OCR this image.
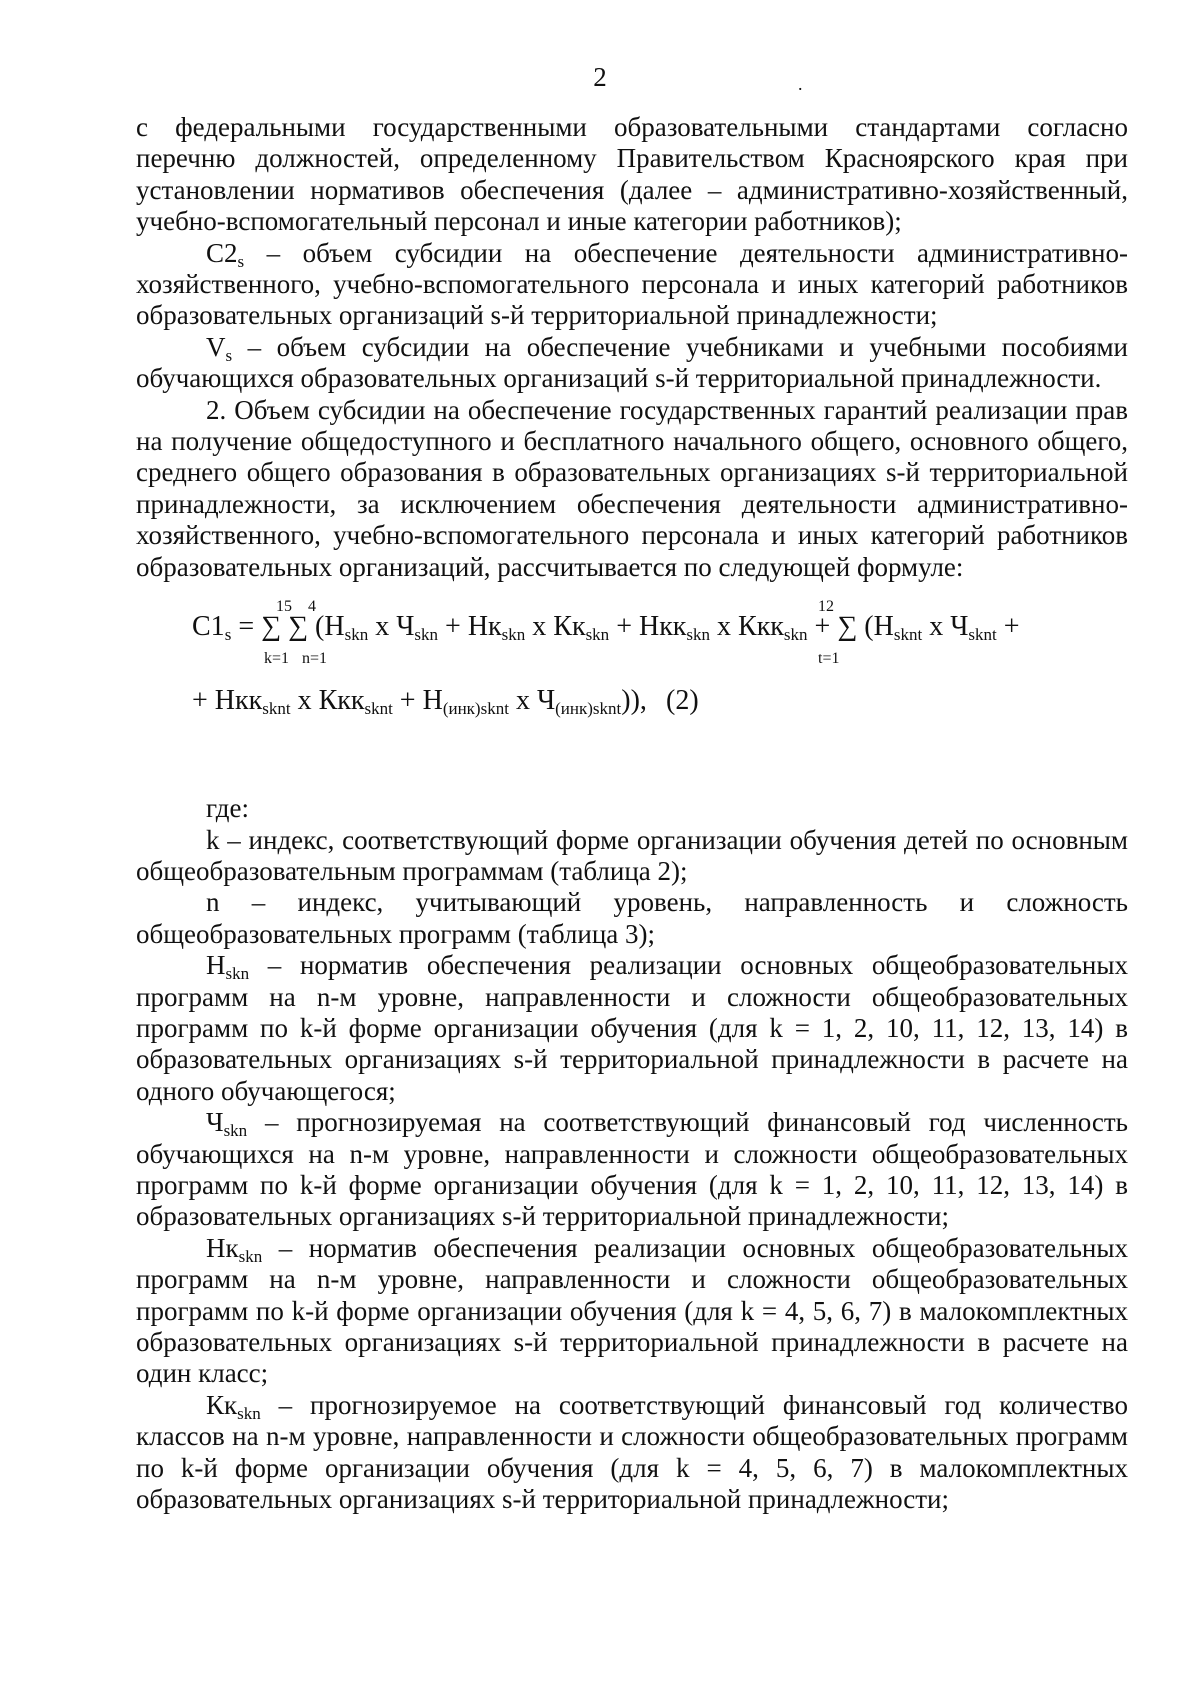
2	.

с федеральными государственными образовательными стандартами согласно перечню должностей, определенному Правительством Красноярского края при установлении нормативов обеспечения (далее – административно-хозяйственный, учебно-вспомогательный персонал и иные категории работников);

$C2_s$ – объем субсидии на обеспечение деятельности административно-хозяйственного, учебно-вспомогательного персонала и иных категорий работников образовательных организаций s-й территориальной принадлежности;

$V_s$ – объем субсидии на обеспечение учебниками и учебными пособиями обучающихся образовательных организаций s-й территориальной принадлежности.

2. Объем субсидии на обеспечение государственных гарантий реализации прав на получение общедоступного и бесплатного начального общего, основного общего, среднего общего образования в образовательных организациях s-й территориальной принадлежности, за исключением обеспечения деятельности административно-хозяйственного, учебно-вспомогательного персонала и иных категорий работников образовательных организаций, рассчитывается по следующей формуле:

15 4	12
$C1_s$ = ∑ ∑ ($H_{skn}$ x $Ч_{skn} + Hк_{skn}$ x $Кк_{skn} + Hкк_{skn}$ x Ккк$_{skn}$ + ∑ ($H_{sknt}$ x $Ч_{sknt}$ +
k=1 n=1	t=1
+ Hкк$_{sknt}$ x $Ккк_{sknt} + H_{(инк)sknt}$ x $Ч_{(инк)sknt}$)), (2)

где:

k – индекс, соответствующий форме организации обучения детей по основным общеобразовательным программам (таблица 2);

n – индекс, учитывающий уровень, направленность и сложность общеобразовательных программ (таблица 3);

$H_{skn}$ – норматив обеспечения реализации основных общеобразовательных программ на n-м уровне, направленности и сложности общеобразовательных программ по k-й форме организации обучения (для k = 1, 2, 10, 11, 12, 13, 14) в образовательных организациях s-й территориальной принадлежности в расчете на одного обучающегося;

$Ч_{skn}$ – прогнозируемая на соответствующий финансовый год численность обучающихся на n-м уровне, направленности и сложности общеобразовательных программ по k-й форме организации обучения (для k = 1, 2, 10, 11, 12, 13, 14) в образовательных организациях s-й территориальной принадлежности;

$Hк_{skn}$ – норматив обеспечения реализации основных общеобразовательных программ на n-м уровне, направленности и сложности общеобразовательных программ по k-й форме организации обучения (для k = 4, 5, 6, 7) в малокомплектных образовательных организациях s-й территориальной принадлежности в расчете на один класс;

$Кк_{skn}$ – прогнозируемое на соответствующий финансовый год количество классов на n-м уровне, направленности и сложности общеобразовательных программ по k-й форме организации обучения (для k = 4, 5, 6, 7) в малокомплектных образовательных организациях s-й территориальной принадлежности;
